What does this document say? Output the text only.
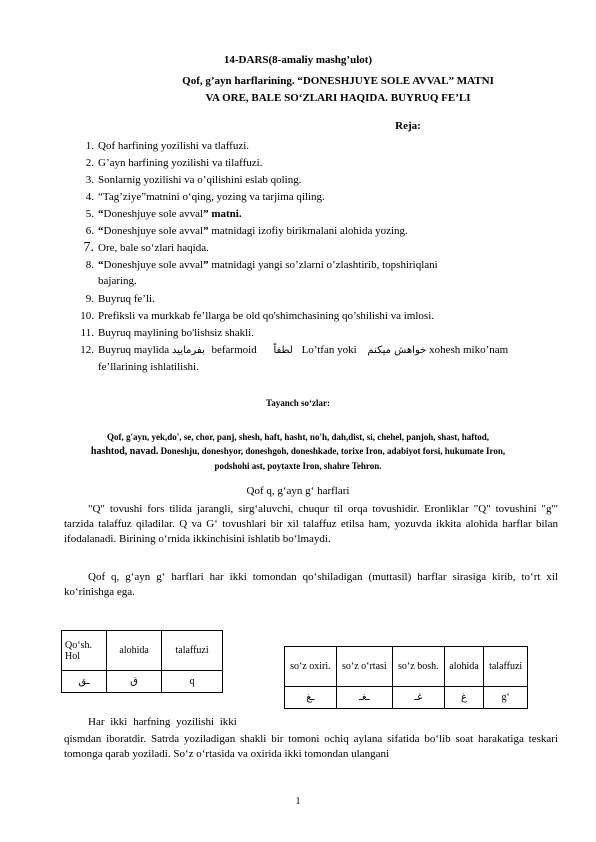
14-DARS(8-amaliy mashg’ulot)
Qof, g’ayn harflarining. “DONESHJUYE SOLE AVVAL” MATNI
VA ORE, BALE SO‘ZLARI HAQIDA. BUYRUQ FE’LI
Reja:
1. Qof harfining yozilishi va tlaffuzi.
2. G’ayn harfining yozilishi va tilaffuzi.
3. Sonlarnig yozilishi va o’qilishini eslab qoling.
4. “Tag’ziye”matnini o‘qing, yozing va tarjima qiling.
5. “Doneshjuye sole avval” matni.
6. “Doneshjuye sole avval” matnidagi izofiy birikmalani alohida yozing.
7. Ore, bale so‘zlari haqida.
8. “Doneshjuye sole avval” matnidagi yangi so’zlarni o’zlashtirib, topshiriqlani
bajaring.
9. Buyruq fe’li.
10. Prefiksli va murkkab fe’llarga be old qo'shimchasining qo’shilishi va imlosi.
11. Buyruq maylining bo'lishsiz shakli.
12. Buyruq maylida بفرمایید befarmoid لطفاً Lo’tfan yoki خواهش میکنم xohesh miko’nam
fe’llarining ishlatilishi.
Tayanch so‘zlar:
Qof, g'ayn, yek,do', se, chor, panj, shesh, haft, hasht, no'h, dah,dist, si, chehel, panjoh, shast, haftod,
hashtod, navad. Doneshju, doneshyor, doneshgoh, doneshkade, torixe Iron, adabiyot forsi, hukumate Iron,
podshohi ast, poytaxte Iron, shahre Tehron.
Qof q, g‘ayn g‘ harflari
"Q" tovushi fors tilida jarangli, sirg‘aluvchi, chuqur til orqa tovushidir. Eronliklar "Q" tovushini "g'" tarzida talaffuz qiladilar. Q va G‘ tovushlari bir xil talaffuz etilsa ham, yozuvda ikkita alohida harflar bilan ifodalanadi. Birining o‘rnida ikkinchisini ishlatib bo‘lmaydi.
Qof q, g‘ayn g‘ harflari har ikki tomondan qo‘shiladigan (muttasil) harflar sirasiga kirib, to‘rt xil ko‘rinishga ega.
Qo‘sh. Hol	alohida	talaffuzi
ـق	ق	q
so‘z oxiri.	so‘z o‘rtasi	so‘z bosh.	alohida	talaffuzi
ـغ	ـغـ	غـ	غ	g‘
Har ikki harfning yozilishi ikki
qismdan iboratdir. Satrda yoziladigan shakli bir tomoni ochiq aylana sifatida bo‘lib soat harakatiga teskari tomonga qarab yoziladi. So‘z o‘rtasida va oxirida ikki tomondan ulangani
1
